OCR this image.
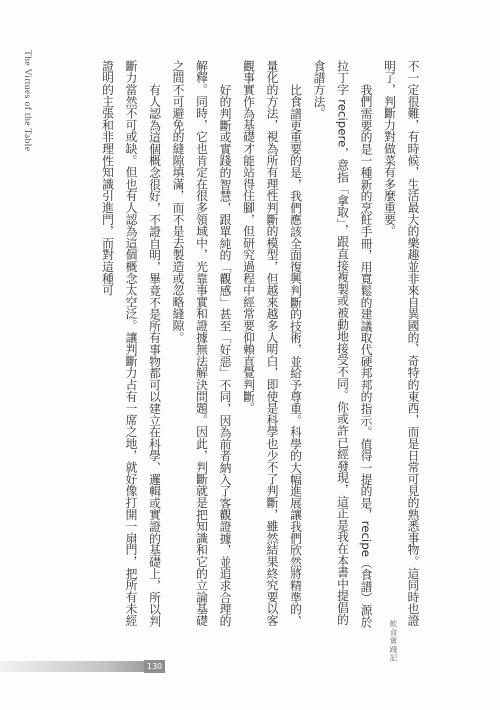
The Virtues of the Table	不一定很難，有時候，生活最大的樂趣並非來自異國的、奇特的東西，而是日常可見的熟悉事物。這同時也證明了，判斷力對做菜有多麼重要。

我們需要的是一種新的烹飪手冊，用寬鬆的建議取代硬邦邦的指示。值得一提的是，recipe（食譜）源於拉丁字 recipere，意指「拿取」，跟直接複製或被動地接受不同。你或許已經發現，這正是我在本書中提倡的食譜方法。

比食譜更重要的是，我們應該全面復興判斷的技術，並給予尊重。科學的大幅進展讓我們欣然將精準的、量化的方法，視為所有理性判斷的模型，但越來越多人明白，即使是科學也少不了判斷，雖然結果終究要以客觀事實作為基礎才能站得住腳，但研究過程中經常要仰賴直覺判斷。

好的判斷或實踐的智慧，跟單純的「觀感」甚至「好惡」不同，因為前者納入了客觀證據，並追求合理的解釋。同時，它也肯定在很多領域中，光靠事實和證據無法解決問題。因此，判斷就是把知識和它的立論基礎之間不可避免的縫隙填滿，而不是去製造或忽略縫隙。

有人認為這個概念很好，不證自明，畢竟不是所有事物都可以建立在科學、邏輯或實證的基礎上，所以判斷力當然不可或缺。但也有人認為這個概念太空泛。讓判斷力占有一席之地，就好像打開一扇門，把所有未經證明的主張和非理性知識引進門，而對這種可

飲食實踐記
130
